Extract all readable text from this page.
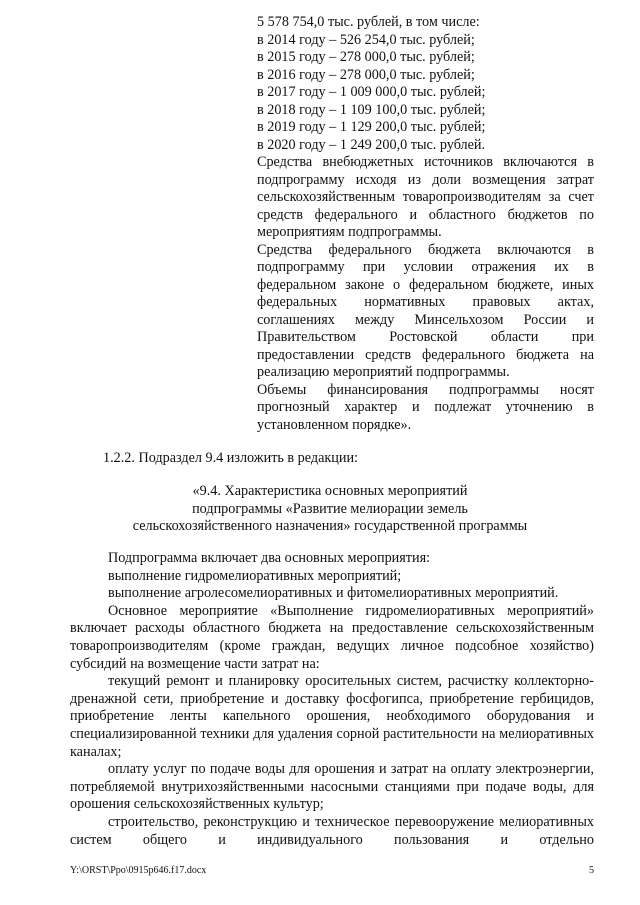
5 578 754,0 тыс. рублей, в том числе:
в 2014 году – 526 254,0 тыс. рублей;
в 2015 году – 278 000,0 тыс. рублей;
в 2016 году – 278 000,0 тыс. рублей;
в 2017 году – 1 009 000,0 тыс. рублей;
в 2018 году – 1 109 100,0 тыс. рублей;
в 2019 году – 1 129 200,0 тыс. рублей;
в 2020 году – 1 249 200,0 тыс. рублей.

Средства внебюджетных источников включаются в подпрограмму исходя из доли возмещения затрат сельскохозяйственным товаропроизводителям за счет средств федерального и областного бюджетов по мероприятиям подпрограммы.

Средства федерального бюджета включаются в подпрограмму при условии отражения их в федеральном законе о федеральном бюджете, иных федеральных нормативных правовых актах, соглашениях между Минсельхозом России и Правительством Ростовской области при предоставлении средств федерального бюджета на реализацию мероприятий подпрограммы.

Объемы финансирования подпрограммы носят прогнозный характер и подлежат уточнению в установленном порядке».

1.2.2. Подраздел 9.4 изложить в редакции:
«9.4. Характеристика основных мероприятий
подпрограммы «Развитие мелиорации земель
сельскохозяйственного назначения» государственной программы

Подпрограмма включает два основных мероприятия:

выполнение гидромелиоративных мероприятий;

выполнение агролесомелиоративных и фитомелиоративных мероприятий.

Основное мероприятие «Выполнение гидромелиоративных мероприятий» включает расходы областного бюджета на предоставление сельскохозяйственным товаропроизводителям (кроме граждан, ведущих личное подсобное хозяйство) субсидий на возмещение части затрат на:

текущий ремонт и планировку оросительных систем, расчистку коллекторно-дренажной сети, приобретение и доставку фосфогипса, приобретение гербицидов, приобретение ленты капельного орошения, необходимого оборудования и специализированной техники для удаления сорной растительности на мелиоративных каналах;

оплату услуг по подаче воды для орошения и затрат на оплату электроэнергии, потребляемой внутрихозяйственными насосными станциями при подаче воды, для орошения сельскохозяйственных культур;

строительство, реконструкцию и техническое перевооружение мелиоративных систем общего и индивидуального пользования и отдельно

Y:\ORST\Ppo\0915p646.f17.docx	5
